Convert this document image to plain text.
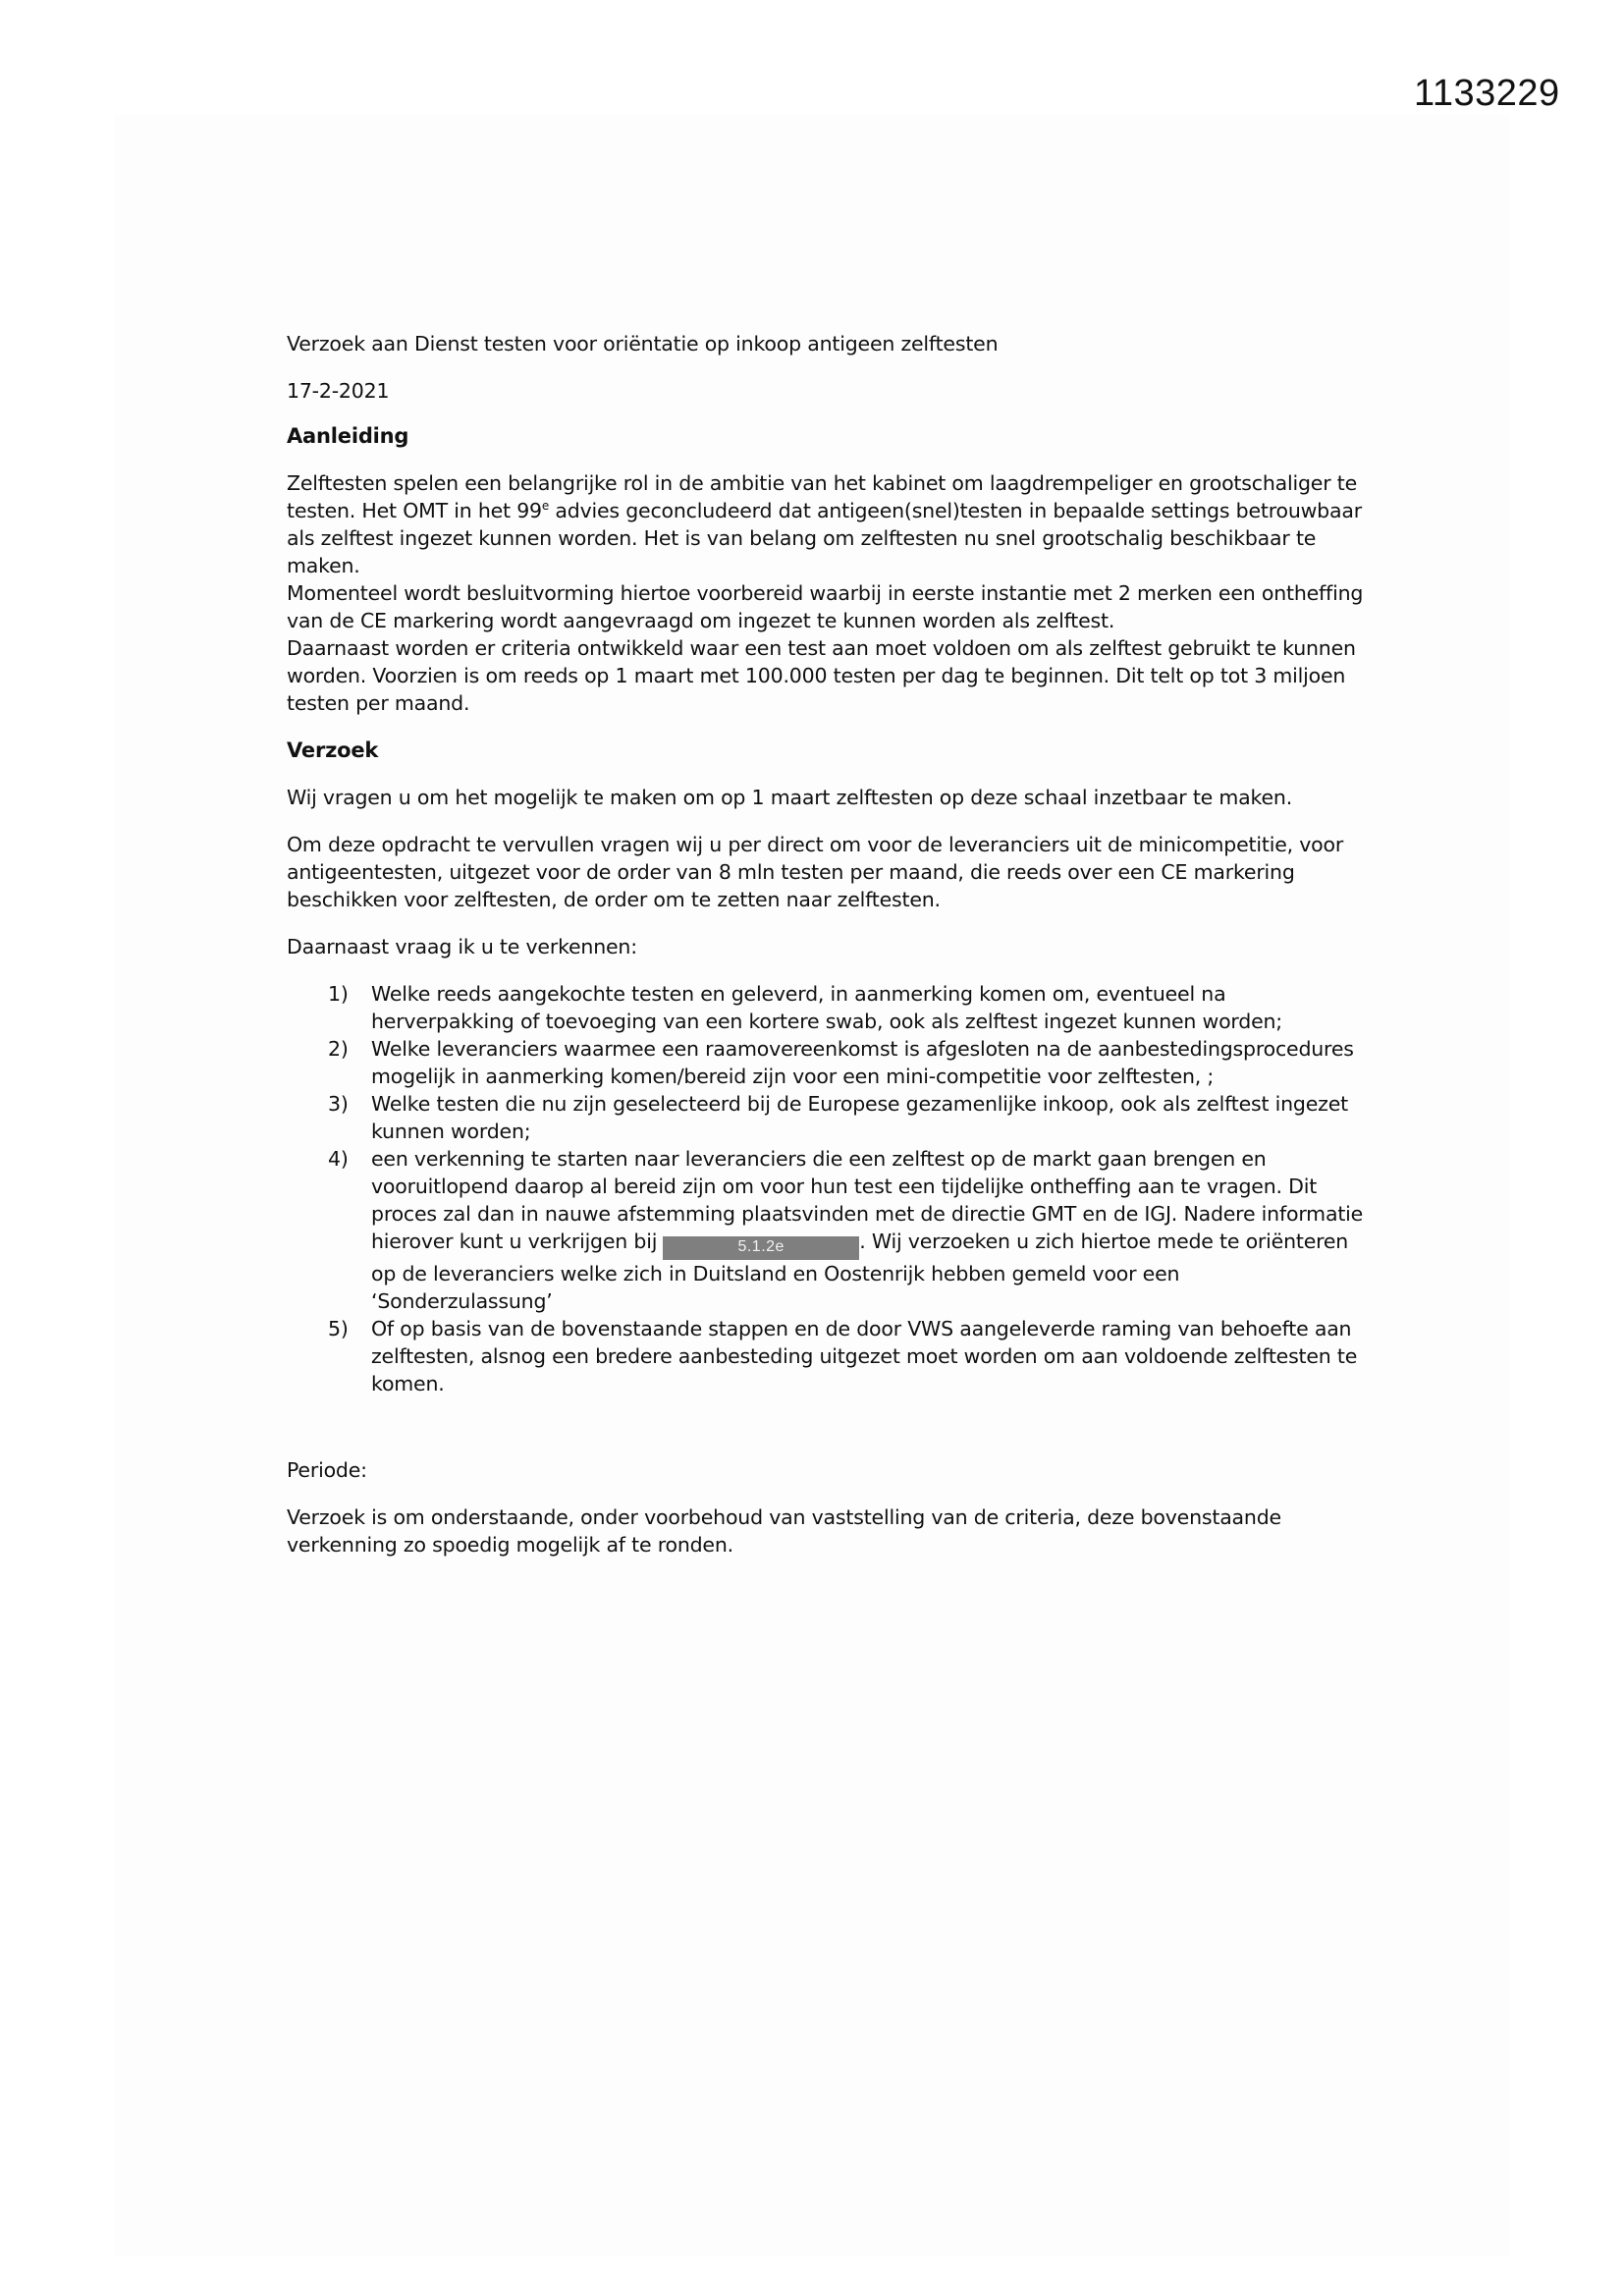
1133229

Verzoek aan Dienst testen voor oriëntatie op inkoop antigeen zelftesten

17-2-2021

Aanleiding

Zelftesten spelen een belangrijke rol in de ambitie van het kabinet om laagdrempeliger en grootschaliger te testen. Het OMT in het 99e advies geconcludeerd dat antigeen(snel)testen in bepaalde settings betrouwbaar als zelftest ingezet kunnen worden. Het is van belang om zelftesten nu snel grootschalig beschikbaar te maken.

Momenteel wordt besluitvorming hiertoe voorbereid waarbij in eerste instantie met 2 merken een ontheffing van de CE markering wordt aangevraagd om ingezet te kunnen worden als zelftest.

Daarnaast worden er criteria ontwikkeld waar een test aan moet voldoen om als zelftest gebruikt te kunnen worden. Voorzien is om reeds op 1 maart met 100.000 testen per dag te beginnen. Dit telt op tot 3 miljoen testen per maand.

Verzoek

Wij vragen u om het mogelijk te maken om op 1 maart zelftesten op deze schaal inzetbaar te maken.

Om deze opdracht te vervullen vragen wij u per direct om voor de leveranciers uit de minicompetitie, voor antigeentesten, uitgezet voor de order van 8 mln testen per maand, die reeds over een CE markering beschikken voor zelftesten, de order om te zetten naar zelftesten.

Daarnaast vraag ik u te verkennen:

1) Welke reeds aangekochte testen en geleverd, in aanmerking komen om, eventueel na herverpakking of toevoeging van een kortere swab, ook als zelftest ingezet kunnen worden;
2) Welke leveranciers waarmee een raamovereenkomst is afgesloten na de aanbestedingsprocedures mogelijk in aanmerking komen/bereid zijn voor een mini-competitie voor zelftesten, ;
3) Welke testen die nu zijn geselecteerd bij de Europese gezamenlijke inkoop, ook als zelftest ingezet kunnen worden;
4) een verkenning te starten naar leveranciers die een zelftest op de markt gaan brengen en vooruitlopend daarop al bereid zijn om voor hun test een tijdelijke ontheffing aan te vragen. Dit proces zal dan in nauwe afstemming plaatsvinden met de directie GMT en de IGJ. Nadere informatie hierover kunt u verkrijgen bij	5.1.2e	. Wij verzoeken u zich hiertoe mede te oriënteren op de leveranciers welke zich in Duitsland en Oostenrijk hebben gemeld voor een ‘Sonderzulassung’
5) Of op basis van de bovenstaande stappen en de door VWS aangeleverde raming van behoefte aan zelftesten, alsnog een bredere aanbesteding uitgezet moet worden om aan voldoende zelftesten te komen.

Periode:

Verzoek is om onderstaande, onder voorbehoud van vaststelling van de criteria, deze bovenstaande verkenning zo spoedig mogelijk af te ronden.
